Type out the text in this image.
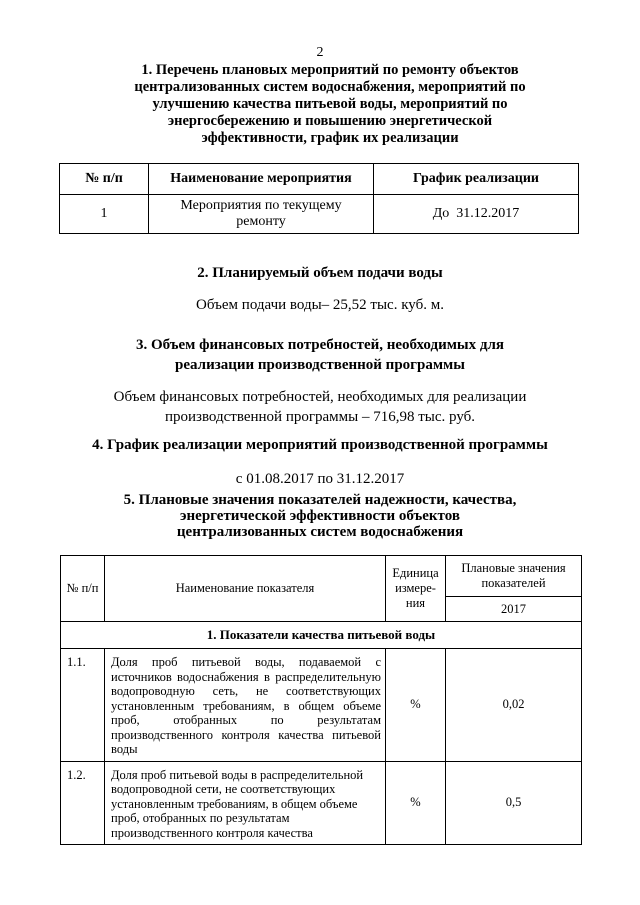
2
1. Перечень плановых мероприятий по ремонту объектов централизованных систем водоснабжения, мероприятий по улучшению качества питьевой воды, мероприятий по энергосбережению и повышению энергетической эффективности, график их реализации
№ п/п	Наименование мероприятия	График реализации
1	Мероприятия по текущему ремонту	До  31.12.2017
2. Планируемый объем подачи воды
Объем подачи воды– 25,52 тыс. куб. м.
3. Объем финансовых потребностей, необходимых для реализации производственной программы
Объем финансовых потребностей, необходимых для реализации производственной программы – 716,98 тыс. руб.
4. График реализации мероприятий производственной программы
с 01.08.2017 по 31.12.2017
5. Плановые значения показателей надежности, качества, энергетической эффективности объектов централизованных систем водоснабжения
№ п/п	Наименование показателя	Единица измере-ния	Плановые значения показателей
			2017
1. Показатели качества питьевой воды			
1.1.	Доля проб питьевой воды, подаваемой с источников водоснабжения в распределительную водопроводную сеть, не соответствующих установленным требованиям, в общем объеме проб, отобранных по результатам производственного контроля качества питьевой воды	%	0,02
1.2.	Доля проб питьевой воды в распределительной водопроводной сети, не соответствующих установленным требованиям, в общем объеме проб, отобранных по результатам производственного контроля качества	%	0,5
